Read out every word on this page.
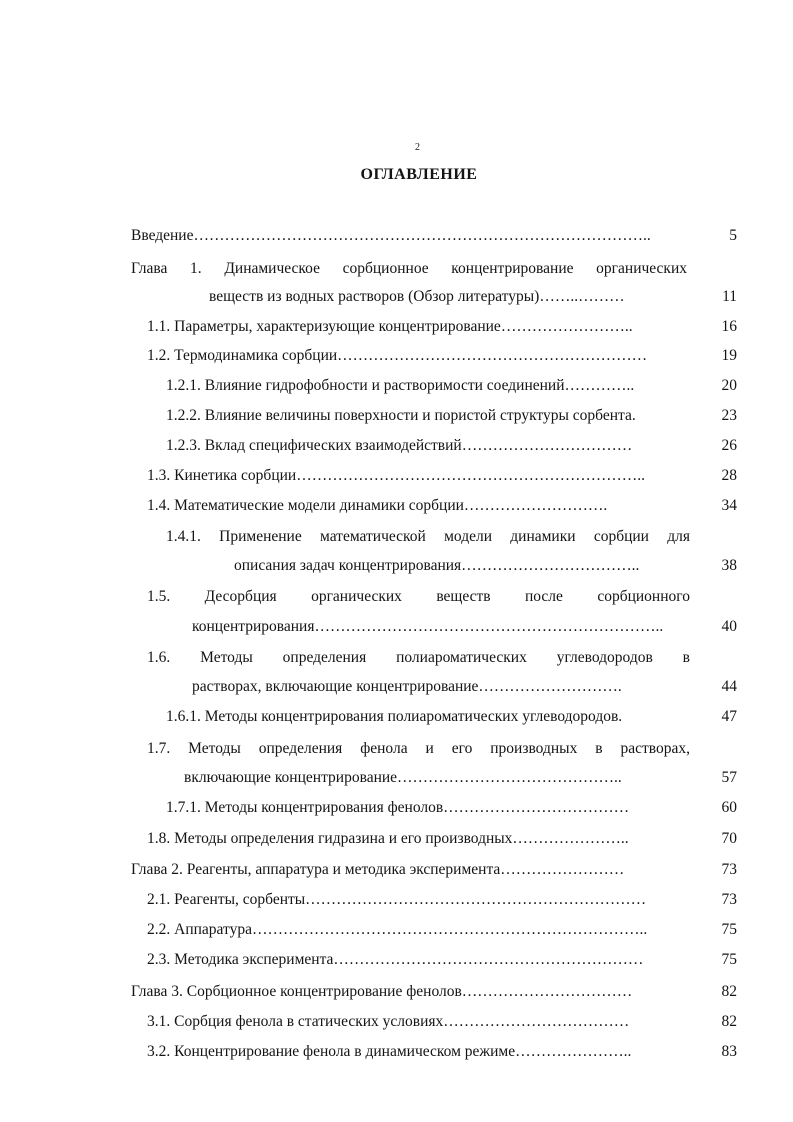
2
ОГЛАВЛЕНИЕ
Введение……………………………………………………………………………..	5
Глава 1. Динамическое сорбционное концентрирование органических
веществ из водных растворов (Обзор литературы)……..………	11
1.1. Параметры, характеризующие концентрирование……………………..	16
1.2. Термодинамика сорбции……………………………………………………	19
1.2.1. Влияние гидрофобности и растворимости соединений…………..	20
1.2.2. Влияние величины поверхности и пористой структуры сорбента.	23
1.2.3. Вклад специфических взаимодействий……………………………	26
1.3. Кинетика сорбции…………………………………………………………..	28
1.4. Математические модели динамики сорбции……………………….	34
1.4.1. Применение математической модели динамики сорбции для
описания задач концентрирования……………………………..	38
1.5. Десорбция органических веществ после сорбционного
концентрирования…………………………………………………………..	40
1.6. Методы определения полиароматических углеводородов в
растворах, включающие концентрирование……………………….	44
1.6.1. Методы концентрирования полиароматических углеводородов.	47
1.7. Методы определения фенола и его производных в растворах,
включающие концентрирование……………………………………..	57
1.7.1. Методы концентрирования фенолов………………………………	60
1.8. Методы определения гидразина и его производных…………………..	70
Глава 2. Реагенты, аппаратура и методика эксперимента……………………	73
2.1. Реагенты, сорбенты…………………………………………………………	73
2.2. Аппаратура…………………………………………………………………..	75
2.3. Методика эксперимента……………………………………………………	75
Глава 3. Сорбционное концентрирование фенолов……………………………	82
3.1. Сорбция фенола в статических условиях………………………………	82
3.2. Концентрирование фенола в динамическом режиме…………………..	83
